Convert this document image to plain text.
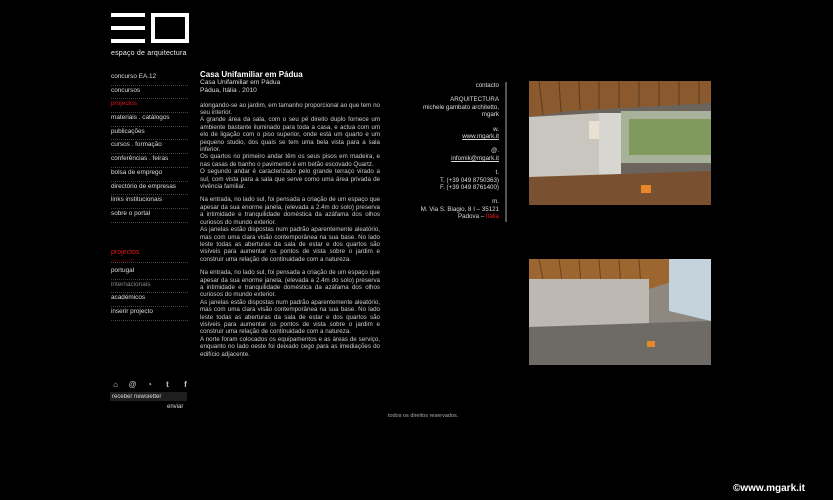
espaço de arquitectura
concurso EA.12
concursos
projectos
materiais . catálogos
publicações
cursos . formação
conferências . feiras
bolsa de emprego
directório de empresas
links institucionais
sobre o portal
projectos
internacional
portugal
internacionais
académicos
inserir projecto
⌂ @ ◔	t	f
receber newsletter
enviar
Casa Unifamiliar em Pádua
Casa Unifamiliar em Pádua
Pádua, Itália . 2010

alongando-se ao jardim, em tamanho proporcional ao que tem no seu interior.
A grande área da sala, com o seu pé direito duplo fornece um ambiente bastante iluminado para toda a casa, e actua com um elo de ligação com o piso superior, onde está um quarto e um pequeno studio, dos quais se tem uma bela vista para a sala inferior.
Os quartos no primeiro andar têm os seus pisos em madeira, e nas casas de banho o pavimento é em betão escovado Quartz.
O segundo andar é caracterizado pelo grande terraço virado a sul, com vista para a sala que serve como uma área privada de vivência familiar.

Na entrada, no lado sul, foi pensada a criação de um espaço que apesar da sua enorme janela, (elevada a 2.4m do solo) preserva a intimidade e tranquilidade doméstica da azáfama dos olhos curiosos do mundo exterior.
As janelas estão dispostas num padrão aparentemente aleatório, mas com uma clara visão contemporânea na sua base. No lado leste todas as aberturas da sala de estar e dos quartos são visíveis para aumentar os pontos de vista sobre o jardim e construir uma relação de continuidade com a natureza.

Na entrada, no lado sul, foi pensada a criação de um espaço que apesar da sua enorme janela, (elevada a 2.4m do solo) preserva a intimidade e tranquilidade doméstica da azáfama dos olhos curiosos do mundo exterior.
As janelas estão dispostas num padrão aparentemente aleatório, mas com uma clara visão contemporânea na sua base. No lado leste todas as aberturas da sala de estar e dos quartos são visíveis para aumentar os pontos de vista sobre o jardim e construir uma relação de continuidade com a natureza.
A norte foram colocados os equipamentos e as áreas de serviço, enquanto no lado oeste foi deixado cego para as imediações do edifício adjacente.

contacto
ARQUITECTURA
michele gambato architetto,
mgark
w.
www.mgark.it
@.
infomik@mgark.it
t.
T. (+39 049 8750363)
F. (+39 049 8761400)
m.
M. Via S. Biagio, 8 I – 35121
Padova – Itália
todos os direitos reservados.
©www.mgark.it
